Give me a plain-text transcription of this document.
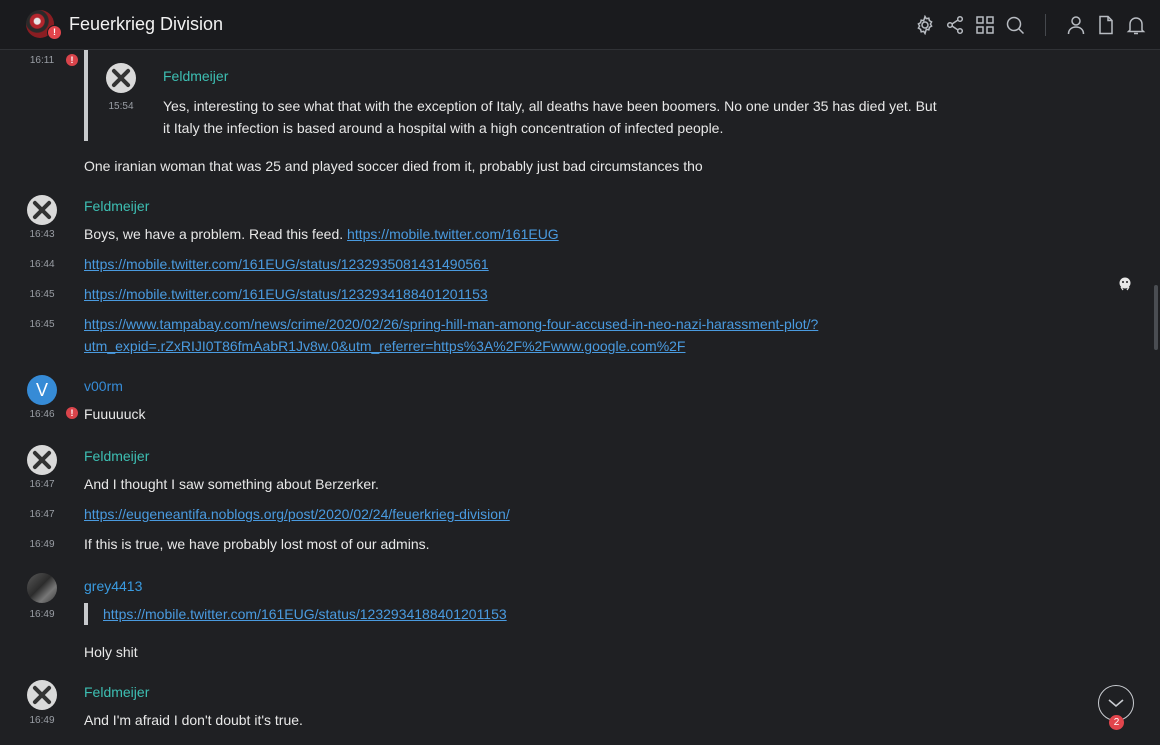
! Feuerkrieg Division
16:11	!
Feldmeijer
15:54	Yes, interesting to see what that with the exception of Italy, all deaths have been boomers. No one under 35 has died yet. But
it Italy the infection is based around a hospital with a high concentration of infected people.
One iranian woman that was 25 and played soccer died from it, probably just bad circumstances tho
Feldmeijer
16:43	Boys, we have a problem. Read this feed. https://mobile.twitter.com/161EUG
16:44	https://mobile.twitter.com/161EUG/status/1232935081431490561
16:45	https://mobile.twitter.com/161EUG/status/1232934188401201153
16:45	https://www.tampabay.com/news/crime/2020/02/26/spring-hill-man-among-four-accused-in-neo-nazi-harassment-plot/?
utm_expid=.rZxRIJI0T86fmAabR1Jv8w.0&utm_referrer=https%3A%2F%2Fwww.google.com%2F
V	v00rm
16:46	! Fuuuuuck
Feldmeijer
16:47	And I thought I saw something about Berzerker.
16:47	https://eugeneantifa.noblogs.org/post/2020/02/24/feuerkrieg-division/
16:49	If this is true, we have probably lost most of our admins.
grey4413
16:49	https://mobile.twitter.com/161EUG/status/1232934188401201153
Holy shit
Feldmeijer
16:49	And I'm afraid I don't doubt it's true.	2
